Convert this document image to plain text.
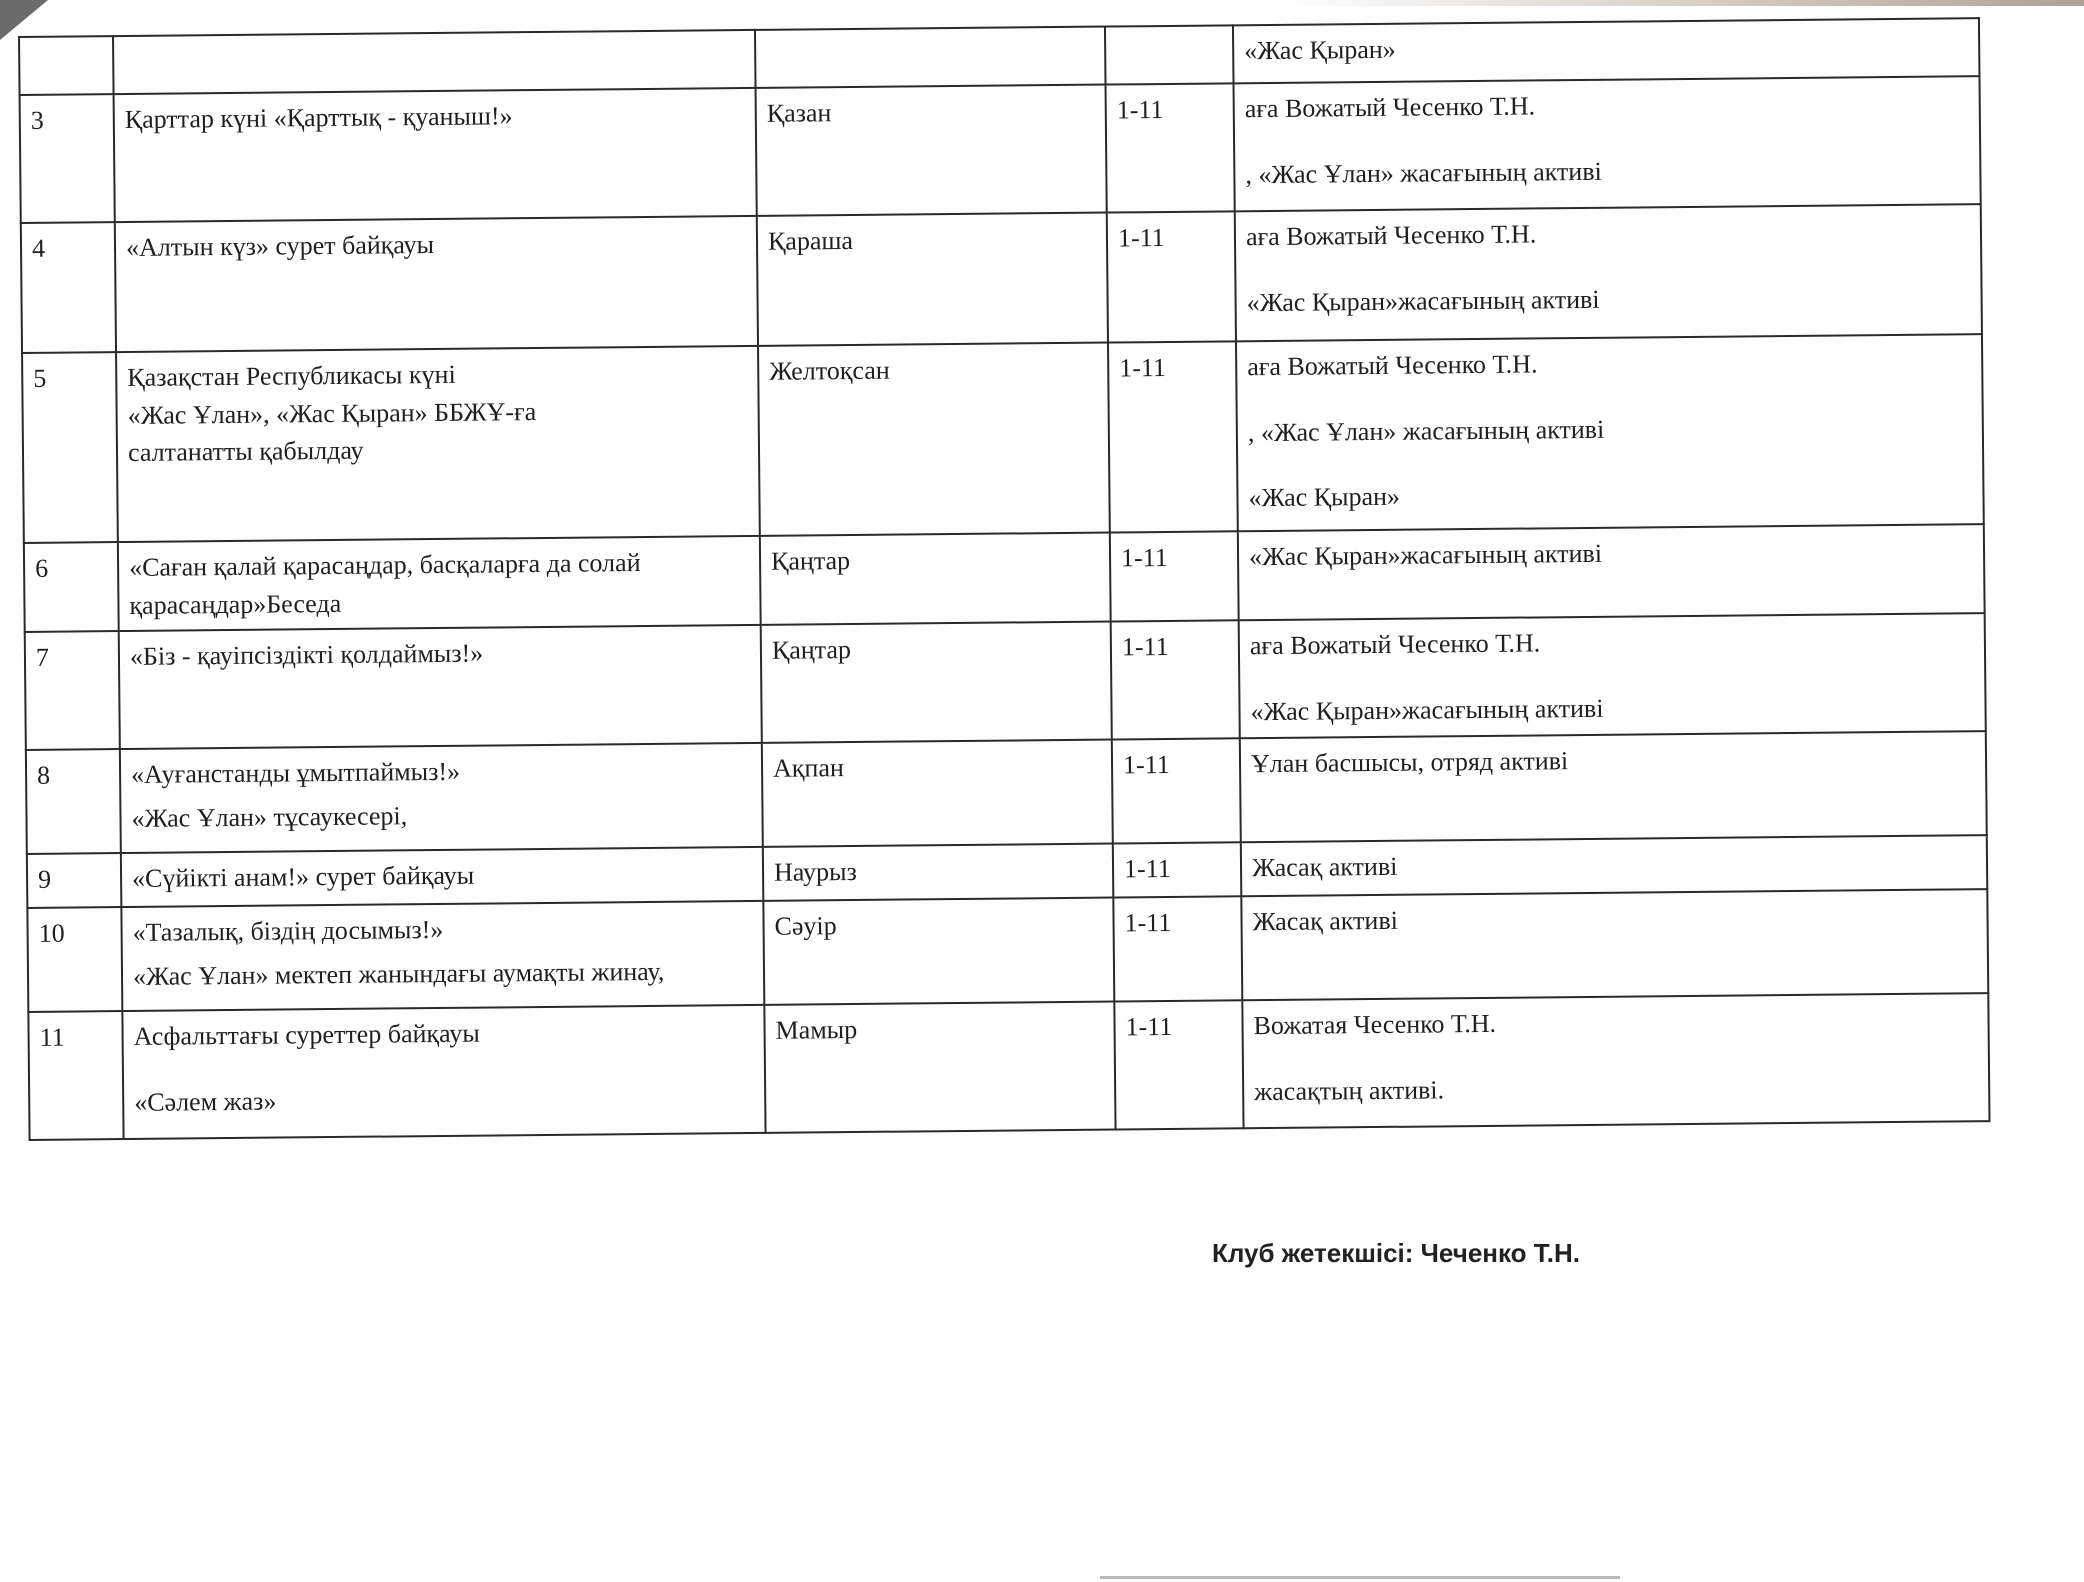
				«Жас Қыран»

3	Қарттар күні «Қарттық - қуаныш!»	Қазан	1-11	аға Вожатый Чесенко Т.Н.
, «Жас Ұлан» жасағының активі

4	«Алтын күз» сурет байқауы	Қараша	1-11	аға Вожатый Чесенко Т.Н.
«Жас Қыран»жасағының активі

5	Қазақстан Республикасы күні
«Жас Ұлан», «Жас Қыран» ББЖҰ-ға
салтанатты қабылдау	Желтоқсан	1-11	аға Вожатый Чесенко Т.Н.
, «Жас Ұлан» жасағының активі
«Жас Қыран»

6	«Саған қалай қарасаңдар, басқаларға да солай
қарасаңдар»Беседа	Қаңтар	1-11	«Жас Қыран»жасағының активі

7	«Біз - қауіпсіздікті қолдаймыз!»	Қаңтар	1-11	аға Вожатый Чесенко Т.Н.
«Жас Қыран»жасағының активі

8	«Ауғанстанды ұмытпаймыз!»
«Жас Ұлан» тұсаукесері,	Ақпан	1-11	Ұлан басшысы, отряд активі

9	«Сүйікті анам!» сурет байқауы	Наурыз	1-11	Жасақ активі

10	«Тазалық, біздің досымыз!»
«Жас Ұлан» мектеп жанындағы аумақты жинау,	Сәуір	1-11	Жасақ активі

11	Асфальттағы суреттер байқауы
«Сәлем жаз»	Мамыр	1-11	Вожатая Чесенко Т.Н.
жасақтың активі.
Клуб жетекшісі: Чеченко Т.Н.
